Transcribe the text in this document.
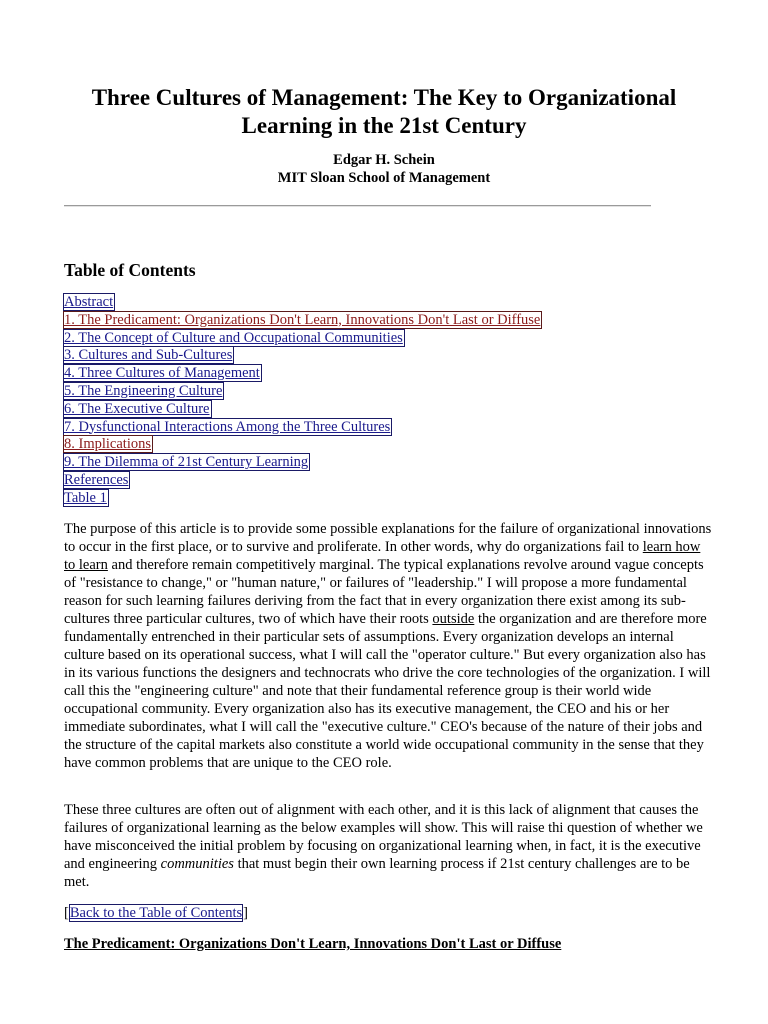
Three Cultures of Management: The Key to Organizational
Learning in the 21st Century
Edgar H. Schein
MIT Sloan School of Management
Table of Contents
Abstract
1. The Predicament: Organizations Don't Learn, Innovations Don't Last or Diffuse
2. The Concept of Culture and Occupational Communities
3. Cultures and Sub-Cultures
4. Three Cultures of Management
5. The Engineering Culture
6. The Executive Culture
7. Dysfunctional Interactions Among the Three Cultures
8. Implications
9. The Dilemma of 21st Century Learning
References
Table 1

The purpose of this article is to provide some possible explanations for the failure of organizational innovations to occur in the first place, or to survive and proliferate. In other words, why do organizations fail to learn how to learn and therefore remain competitively marginal. The typical explanations revolve around vague concepts of "resistance to change," or "human nature," or failures of "leadership." I will propose a more fundamental reason for such learning failures deriving from the fact that in every organization there exist among its sub-cultures three particular cultures, two of which have their roots outside the organization and are therefore more fundamentally entrenched in their particular sets of assumptions. Every organization develops an internal culture based on its operational success, what I will call the "operator culture." But every organization also has in its various functions the designers and technocrats who drive the core technologies of the organization. I will call this the "engineering culture" and note that their fundamental reference group is their world wide occupational community. Every organization also has its executive management, the CEO and his or her immediate subordinates, what I will call the "executive culture." CEO's because of the nature of their jobs and the structure of the capital markets also constitute a world wide occupational community in the sense that they have common problems that are unique to the CEO role.

These three cultures are often out of alignment with each other, and it is this lack of alignment that causes the failures of organizational learning as the below examples will show. This will raise thi question of whether we have misconceived the initial problem by focusing on organizational learning when, in fact, it is the executive and engineering communities that must begin their own learning process if 21st century challenges are to be met.

[Back to the Table of Contents]
The Predicament: Organizations Don't Learn, Innovations Don't Last or Diffuse
